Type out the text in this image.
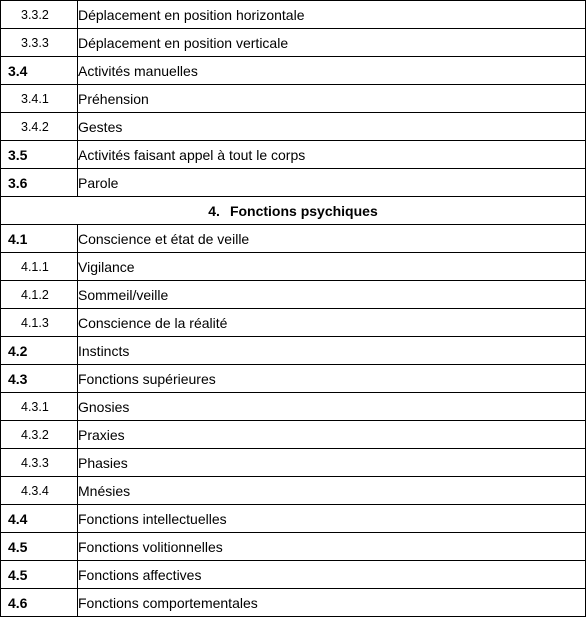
3.3.2	Déplacement en position horizontale
3.3.3	Déplacement en position verticale
3.4	Activités manuelles
3.4.1	Préhension
3.4.2	Gestes
3.5	Activités faisant appel à tout le corps
3.6	Parole
4. Fonctions psychiques	
4.1	Conscience et état de veille
4.1.1	Vigilance
4.1.2	Sommeil/veille
4.1.3	Conscience de la réalité
4.2	Instincts
4.3	Fonctions supérieures
4.3.1	Gnosies
4.3.2	Praxies
4.3.3	Phasies
4.3.4	Mnésies
4.4	Fonctions intellectuelles
4.5	Fonctions volitionnelles
4.5	Fonctions affectives
4.6	Fonctions comportementales
